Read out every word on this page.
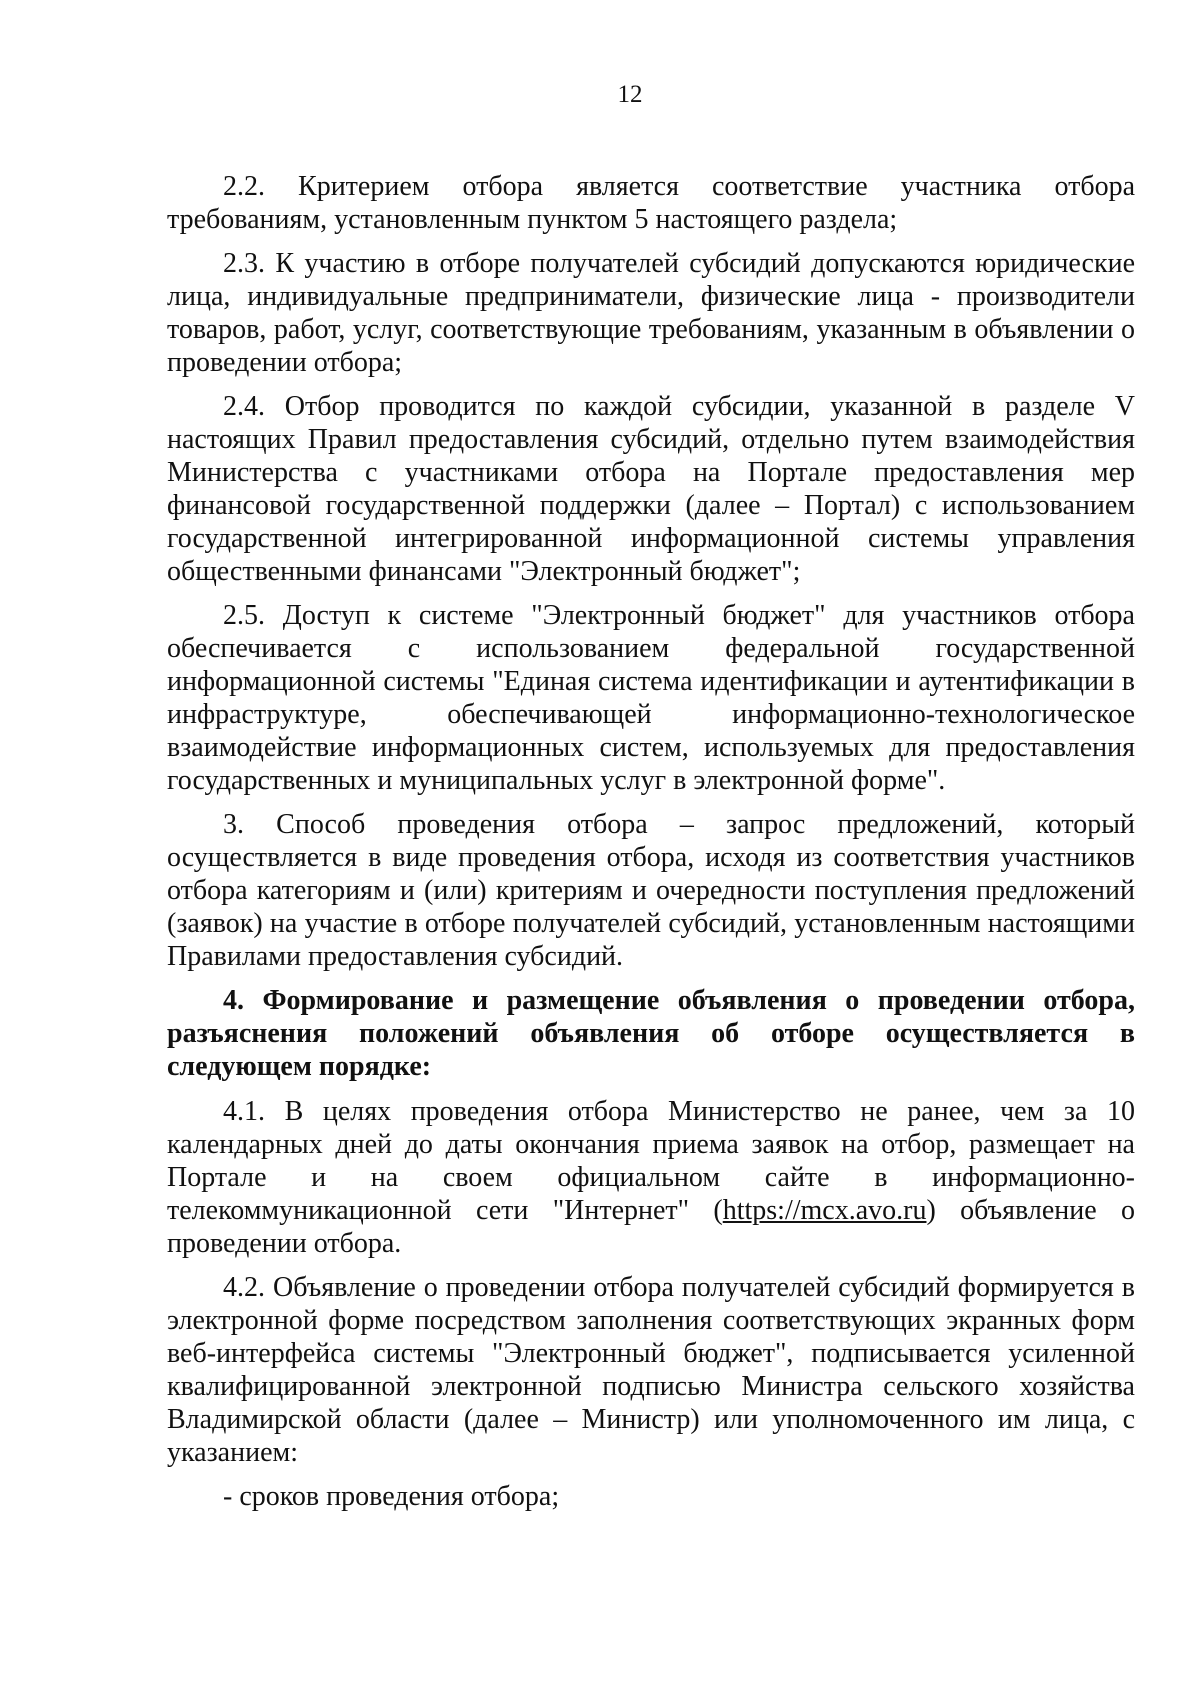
12

2.2. Критерием отбора является соответствие участника отбора требованиям, установленным пунктом 5 настоящего раздела;

2.3. К участию в отборе получателей субсидий допускаются юридические лица, индивидуальные предприниматели, физические лица - производители товаров, работ, услуг, соответствующие требованиям, указанным в объявлении о проведении отбора;

2.4. Отбор проводится по каждой субсидии, указанной в разделе V настоящих Правил предоставления субсидий, отдельно путем взаимодействия Министерства с участниками отбора на Портале предоставления мер финансовой государственной поддержки (далее – Портал) с использованием государственной интегрированной информационной системы управления общественными финансами "Электронный бюджет";

2.5. Доступ к системе "Электронный бюджет" для участников отбора обеспечивается с использованием федеральной государственной информационной системы "Единая система идентификации и аутентификации в инфраструктуре, обеспечивающей информационно-технологическое взаимодействие информационных систем, используемых для предоставления государственных и муниципальных услуг в электронной форме".

3. Способ проведения отбора – запрос предложений, который осуществляется в виде проведения отбора, исходя из соответствия участников отбора категориям и (или) критериям и очередности поступления предложений (заявок) на участие в отборе получателей субсидий, установленным настоящими Правилами предоставления субсидий.

4. Формирование и размещение объявления о проведении отбора, разъяснения положений объявления об отборе осуществляется в следующем порядке:

4.1. В целях проведения отбора Министерство не ранее, чем за 10 календарных дней до даты окончания приема заявок на отбор, размещает на Портале и на своем официальном сайте в информационно-телекоммуникационной сети "Интернет" (https://mcx.avo.ru) объявление о проведении отбора.

4.2. Объявление о проведении отбора получателей субсидий формируется в электронной форме посредством заполнения соответствующих экранных форм веб-интерфейса системы "Электронный бюджет", подписывается усиленной квалифицированной электронной подписью Министра сельского хозяйства Владимирской области (далее – Министр) или уполномоченного им лица, с указанием:

- сроков проведения отбора;
